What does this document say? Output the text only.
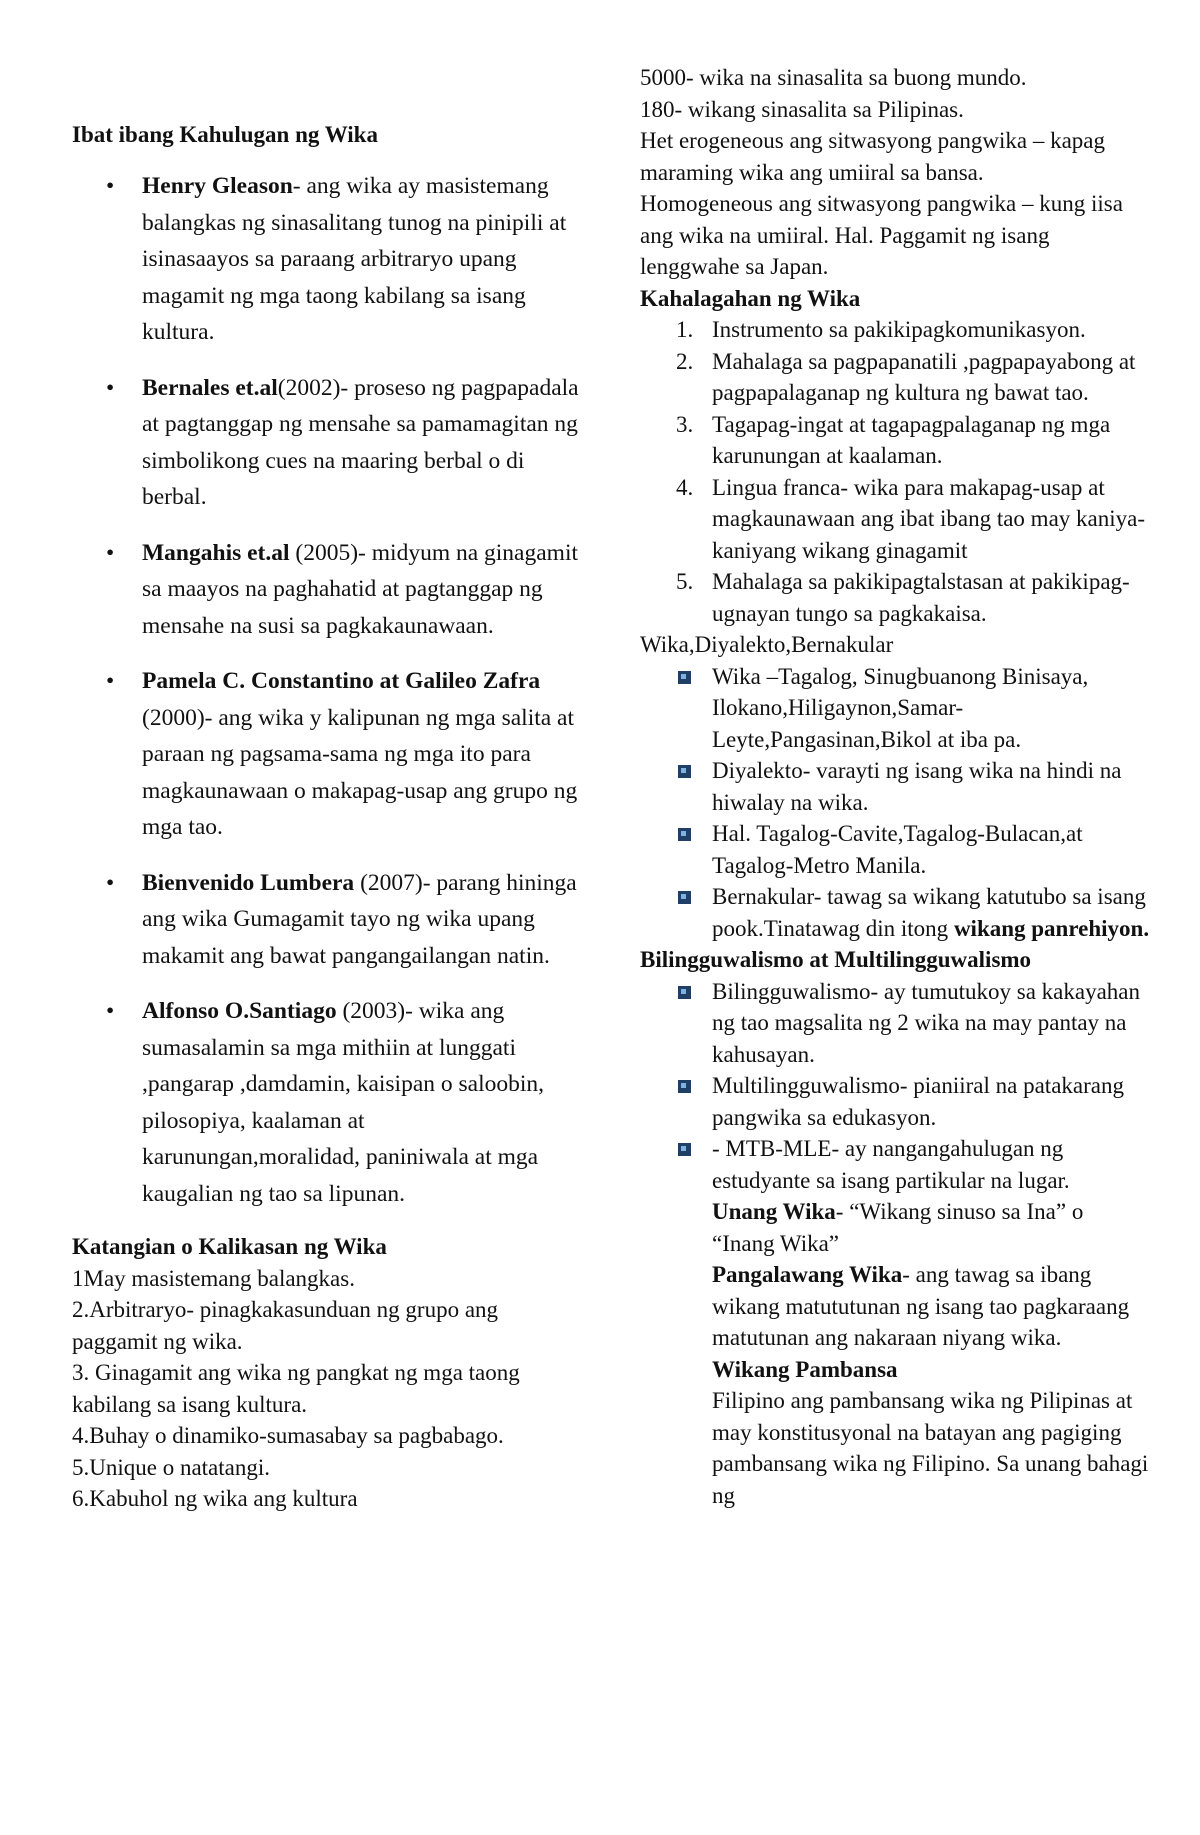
Ibat ibang Kahulugan ng Wika
• Henry Gleason- ang wika ay masistemang balangkas ng sinasalitang tunog na pinipili at isinasaayos sa paraang arbitraryo upang magamit ng mga taong kabilang sa isang kultura.
• Bernales et.al(2002)- proseso ng pagpapadala at pagtanggap ng mensahe sa pamamagitan ng simbolikong cues na maaring berbal o di berbal.
• Mangahis et.al (2005)- midyum na ginagamit sa maayos na paghahatid at pagtanggap ng mensahe na susi sa pagkakaunawaan.
• Pamela C. Constantino at Galileo Zafra (2000)- ang wika y kalipunan ng mga salita at paraan ng pagsama-sama ng mga ito para magkaunawaan o makapag-usap ang grupo ng mga tao.
• Bienvenido Lumbera (2007)- parang hininga ang wika Gumagamit tayo ng wika upang makamit ang bawat pangangailangan natin.
• Alfonso O.Santiago (2003)- wika ang sumasalamin sa mga mithiin at lunggati ,pangarap ,damdamin, kaisipan o saloobin, pilosopiya, kaalaman at karunungan,moralidad, paniniwala at mga kaugalian ng tao sa lipunan.
Katangian o Kalikasan ng Wika

1May masistemang balangkas.

2.Arbitraryo- pinagkakasunduan ng grupo ang paggamit ng wika.

3. Ginagamit ang wika ng pangkat ng mga taong kabilang sa isang kultura.

4.Buhay o dinamiko-sumasabay sa pagbabago.

5.Unique o natatangi.

6.Kabuhol ng wika ang kultura

5000- wika na sinasalita sa buong mundo.

180- wikang sinasalita sa Pilipinas.

Het erogeneous ang sitwasyong pangwika – kapag maraming wika ang umiiral sa bansa.

Homogeneous ang sitwasyong pangwika – kung iisa ang wika na umiiral. Hal. Paggamit ng isang lenggwahe sa Japan.

Kahalagahan ng Wika

1. Instrumento sa pakikipagkomunikasyon.
2. Mahalaga sa pagpapanatili ,pagpapayabong at pagpapalaganap ng kultura ng bawat tao.
3. Tagapag-ingat at tagapagpalaganap ng mga karunungan at kaalaman.
4. Lingua franca- wika para makapag-usap at magkaunawaan ang ibat ibang tao may kaniya-kaniyang wikang ginagamit
5. Mahalaga sa pakikipagtalstasan at pakikipag-ugnayan tungo sa pagkakaisa.

Wika,Diyalekto,Bernakular

Wika –Tagalog, Sinugbuanong Binisaya, Ilokano,Hiligaynon,Samar-Leyte,Pangasinan,Bikol at iba pa.
Diyalekto- varayti ng isang wika na hindi na hiwalay na wika.
Hal. Tagalog-Cavite,Tagalog-Bulacan,at Tagalog-Metro Manila.
Bernakular- tawag sa wikang katutubo sa isang pook.Tinatawag din itong wikang panrehiyon.

Bilingguwalismo at Multilingguwalismo

Bilingguwalismo- ay tumutukoy sa kakayahan ng tao magsalita ng 2 wika na may pantay na kahusayan.
Multilingguwalismo- pianiiral na patakarang pangwika sa edukasyon.
- MTB-MLE- ay nangangahulugan ng estudyante sa isang partikular na lugar.

Unang Wika- “Wikang sinuso sa Ina” o “Inang Wika”

Pangalawang Wika- ang tawag sa ibang wikang matututunan ng isang tao pagkaraang matutunan ang nakaraan niyang wika.

Wikang Pambansa

Filipino ang pambansang wika ng Pilipinas at may konstitusyonal na batayan ang pagiging pambansang wika ng Filipino. Sa unang bahagi ng
